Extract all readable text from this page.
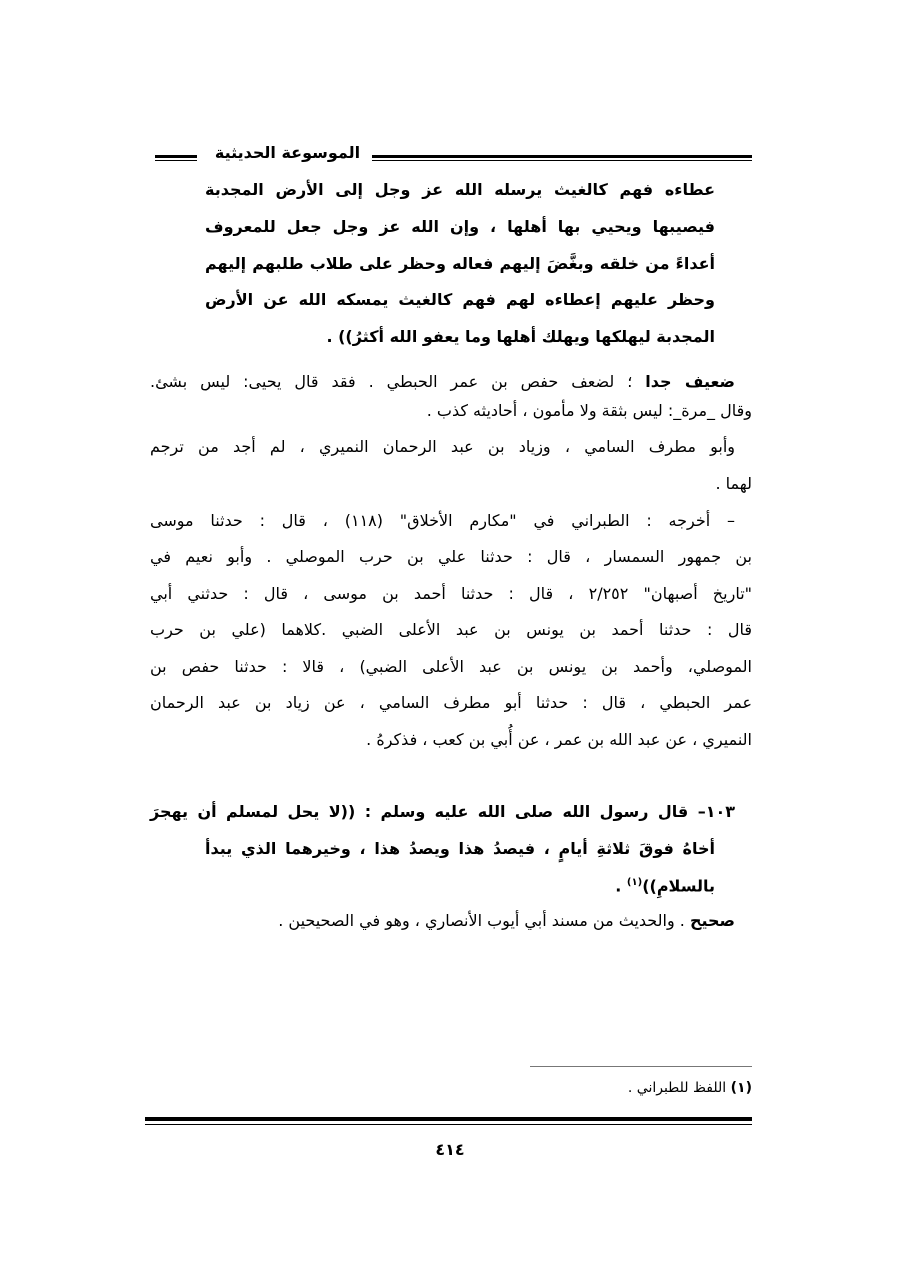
الموسوعة الحديثية
عطاءه فهم كالغيث يرسله الله عز وجل إلى الأرض المجدبة
فيصيبها ويحيي بها أهلها ، وإن الله عز وجل جعل للمعروف
أعداءً من خلقه وبغَّضَ إليهم فعاله وحظر على طلاب طلبهم إليهم
وحظر عليهم إعطاءه لهم فهم كالغيث يمسكه الله عن الأرض
المجدبة ليهلكها ويهلك أهلها وما يعفو الله أكثرُ)) .
ضعيف جدا ؛ لضعف حفص بن عمر الحبطي . فقد قال يحيى: ليس بشئ.
وقال _مرة_: ليس بثقة ولا مأمون ، أحاديثه كذب .
وأبو مطرف السامي ، وزياد بن عبد الرحمان النميري ، لم أجد من ترجم
لهما .
– أخرجه : الطبراني في "مكارم الأخلاق" (١١٨) ، قال : حدثنا موسى
بن جمهور السمسار ، قال : حدثنا علي بن حرب الموصلي . وأبو نعيم في
"تاريخ أصبهان" ٢/٢٥٢ ، قال : حدثنا أحمد بن موسى ، قال : حدثني أبي
قال : حدثنا أحمد بن يونس بن عبد الأعلى الضبي .كلاهما (علي بن حرب
الموصلي، وأحمد بن يونس بن عبد الأعلى الضبي) ، قالا : حدثنا حفص بن
عمر الحبطي ، قال : حدثنا أبو مطرف السامي ، عن زياد بن عبد الرحمان
النميري ، عن عبد الله بن عمر ، عن أُبي بن كعب ، فذكرهُ .
١٠٣– قال رسول الله صلى الله عليه وسلم : ((لا يحل لمسلم أن يهجرَ
أخاهُ فوقَ ثلاثةِ أيامٍ ، فيصدُ هذا ويصدُ هذا ، وخيرهما الذي يبدأ
بالسلامِ))$^{(١)}$ .
صحيح . والحديث من مسند أبي أيوب الأنصاري ، وهو في الصحيحين .
(١) اللفظ للطبراني .
٤١٤
